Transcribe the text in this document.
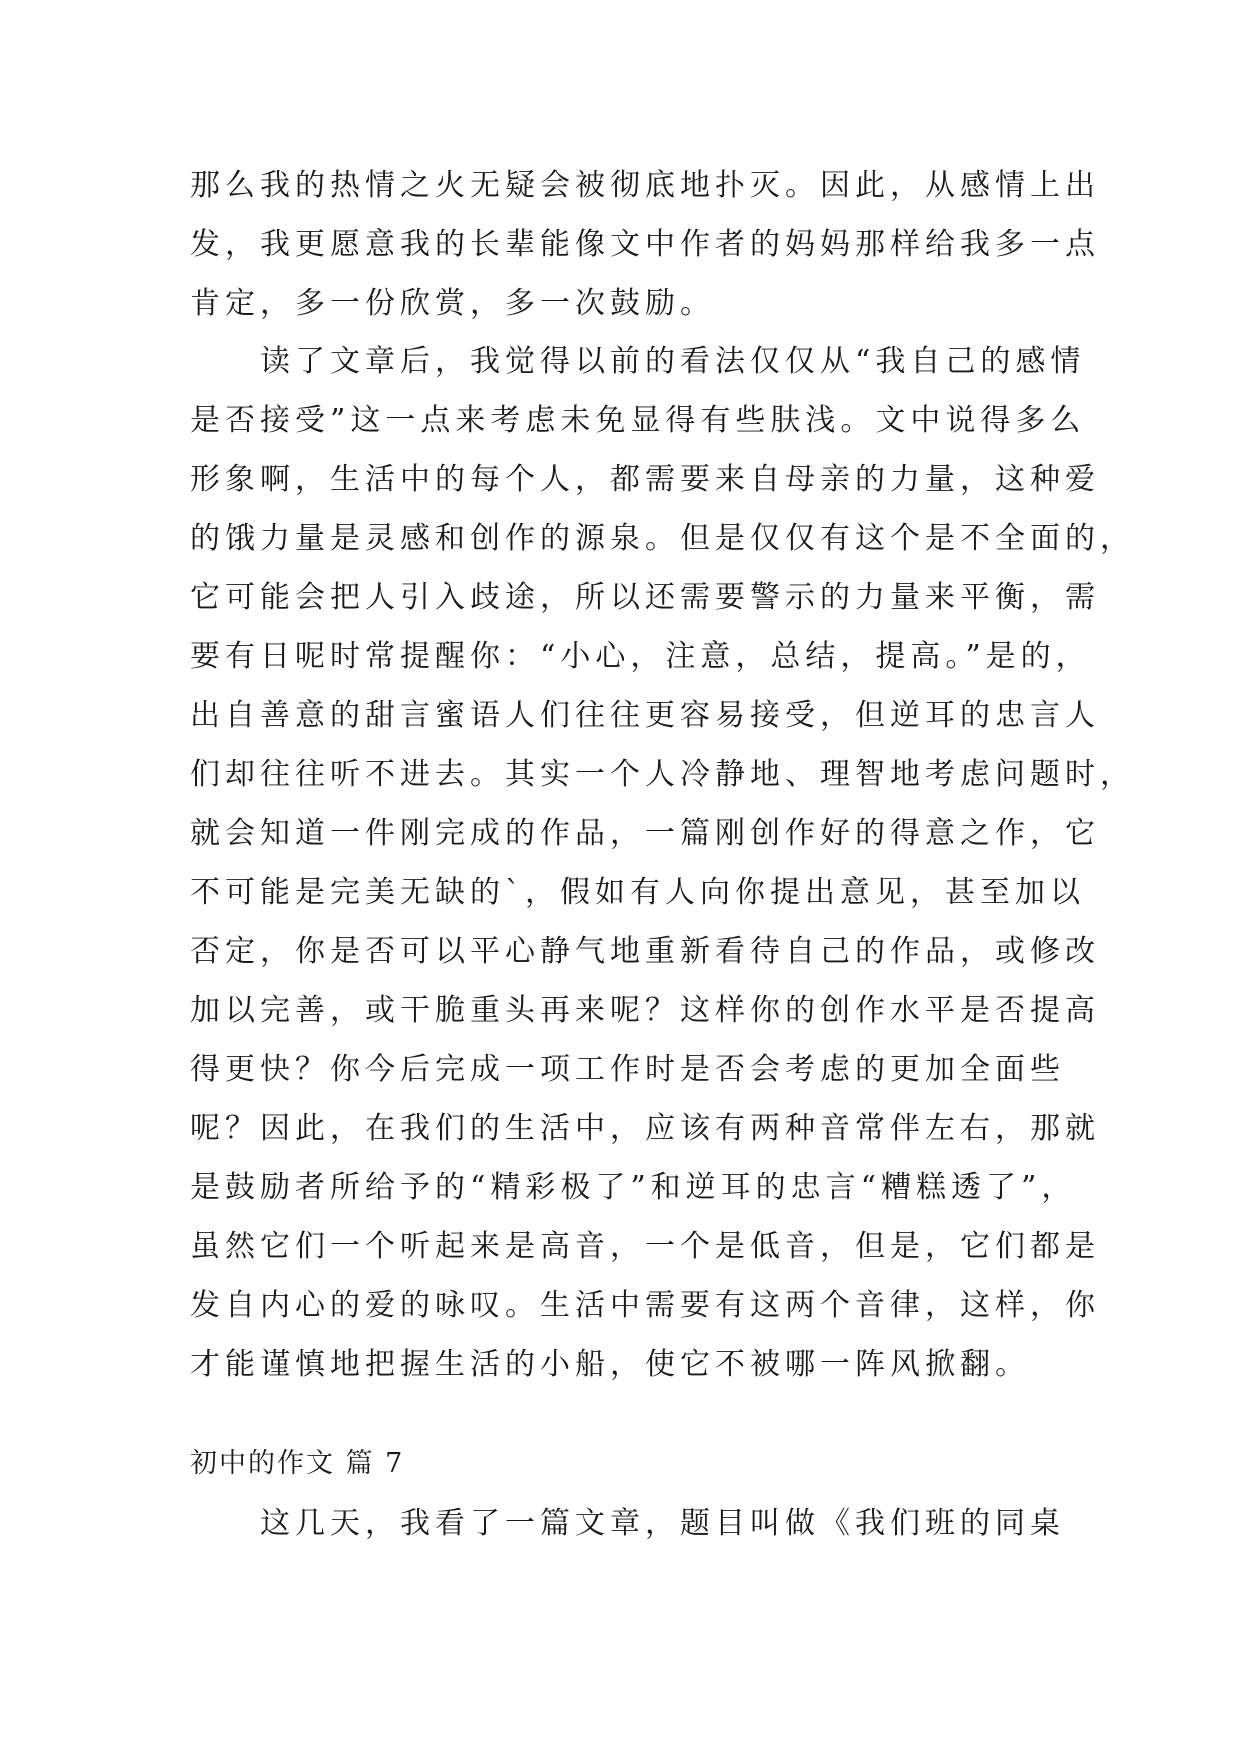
那么我的热情之火无疑会被彻底地扑灭。因此，从感情上出
发，我更愿意我的长辈能像文中作者的妈妈那样给我多一点
肯定，多一份欣赏，多一次鼓励。
　　读了文章后，我觉得以前的看法仅仅从“我自己的感情
是否接受”这一点来考虑未免显得有些肤浅。文中说得多么
形象啊，生活中的每个人，都需要来自母亲的力量，这种爱
的饿力量是灵感和创作的源泉。但是仅仅有这个是不全面的，
它可能会把人引入歧途，所以还需要警示的力量来平衡，需
要有日呢时常提醒你：“小心，注意，总结，提高。”是的，
出自善意的甜言蜜语人们往往更容易接受，但逆耳的忠言人
们却往往听不进去。其实一个人冷静地、理智地考虑问题时，
就会知道一件刚完成的作品，一篇刚创作好的得意之作，它
不可能是完美无缺的`，假如有人向你提出意见，甚至加以
否定，你是否可以平心静气地重新看待自己的作品，或修改
加以完善，或干脆重头再来呢？这样你的创作水平是否提高
得更快？你今后完成一项工作时是否会考虑的更加全面些
呢？因此，在我们的生活中，应该有两种音常伴左右，那就
是鼓励者所给予的“精彩极了”和逆耳的忠言“糟糕透了”，
虽然它们一个听起来是高音，一个是低音，但是，它们都是
发自内心的爱的咏叹。生活中需要有这两个音律，这样，你
才能谨慎地把握生活的小船，使它不被哪一阵风掀翻。
初中的作文 篇 7
　　这几天，我看了一篇文章，题目叫做《我们班的同桌
